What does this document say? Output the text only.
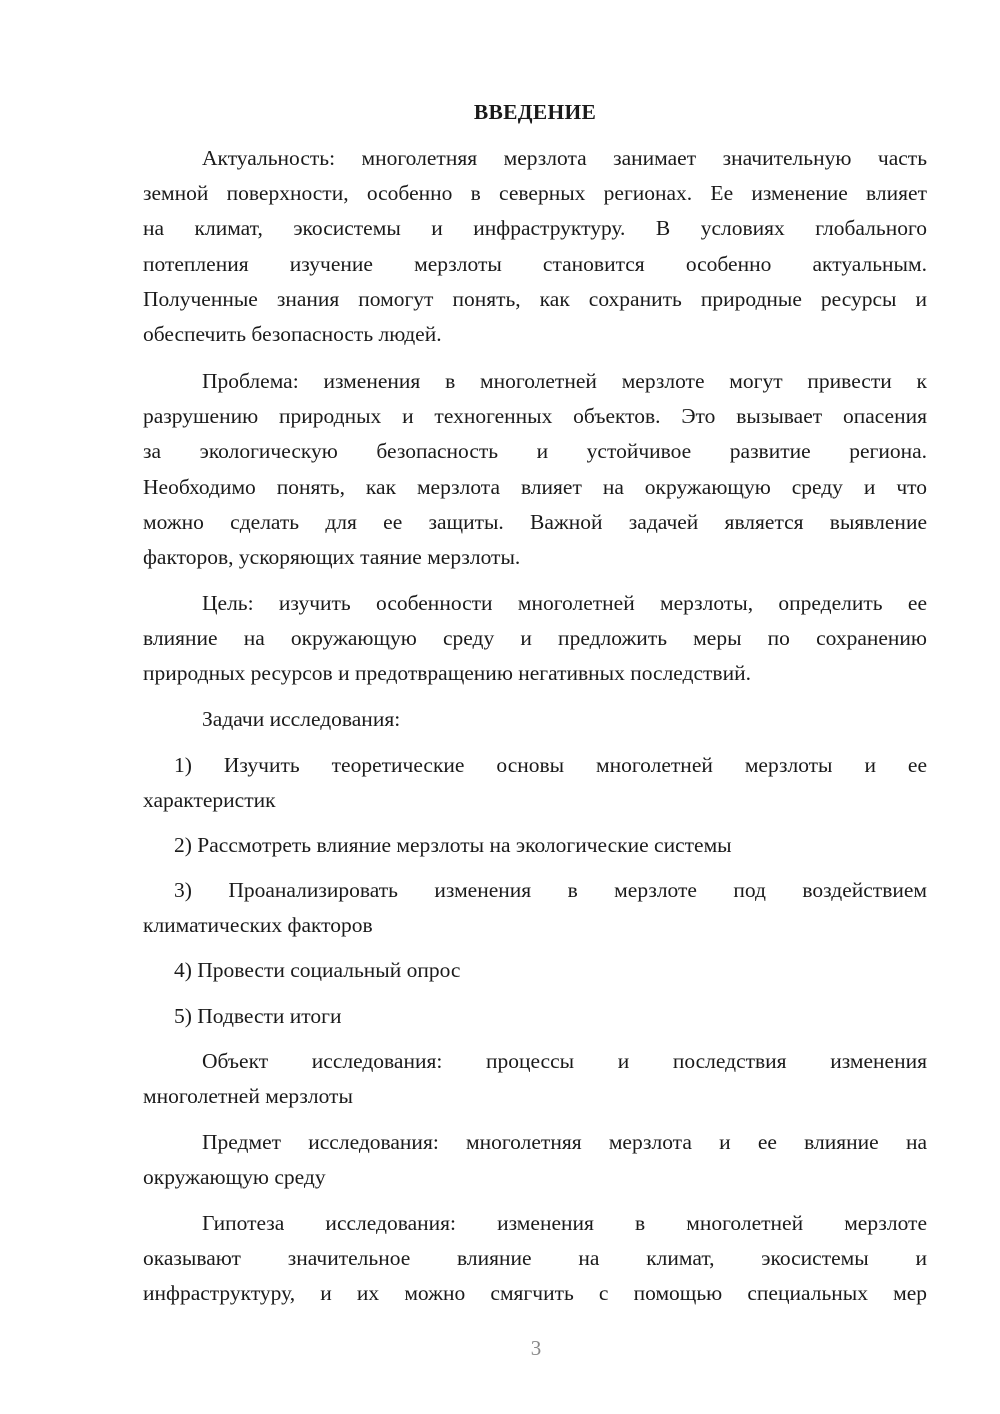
ВВЕДЕНИЕ
Актуальность: многолетняя мерзлота занимает значительную часть
земной поверхности, особенно в северных регионах. Ее изменение влияет
на климат, экосистемы и инфраструктуру. В условиях глобального
потепления изучение мерзлоты становится особенно актуальным.
Полученные знания помогут понять, как сохранить природные ресурсы и
обеспечить безопасность людей.
Проблема: изменения в многолетней мерзлоте могут привести к
разрушению природных и техногенных объектов. Это вызывает опасения
за экологическую безопасность и устойчивое развитие региона.
Необходимо понять, как мерзлота влияет на окружающую среду и что
можно сделать для ее защиты. Важной задачей является выявление
факторов, ускоряющих таяние мерзлоты.
Цель: изучить особенности многолетней мерзлоты, определить ее
влияние на окружающую среду и предложить меры по сохранению
природных ресурсов и предотвращению негативных последствий.
Задачи исследования:
1) Изучить теоретические основы многолетней мерзлоты и ее
характеристик
2) Рассмотреть влияние мерзлоты на экологические системы
3) Проанализировать изменения в мерзлоте под воздействием
климатических факторов
4) Провести социальный опрос
5) Подвести итоги
Объект исследования: процессы и последствия изменения
многолетней мерзлоты
Предмет исследования: многолетняя мерзлота и ее влияние на
окружающую среду
Гипотеза исследования: изменения в многолетней мерзлоте
оказывают значительное влияние на климат, экосистемы и
инфраструктуру, и их можно смягчить с помощью специальных мер
3
